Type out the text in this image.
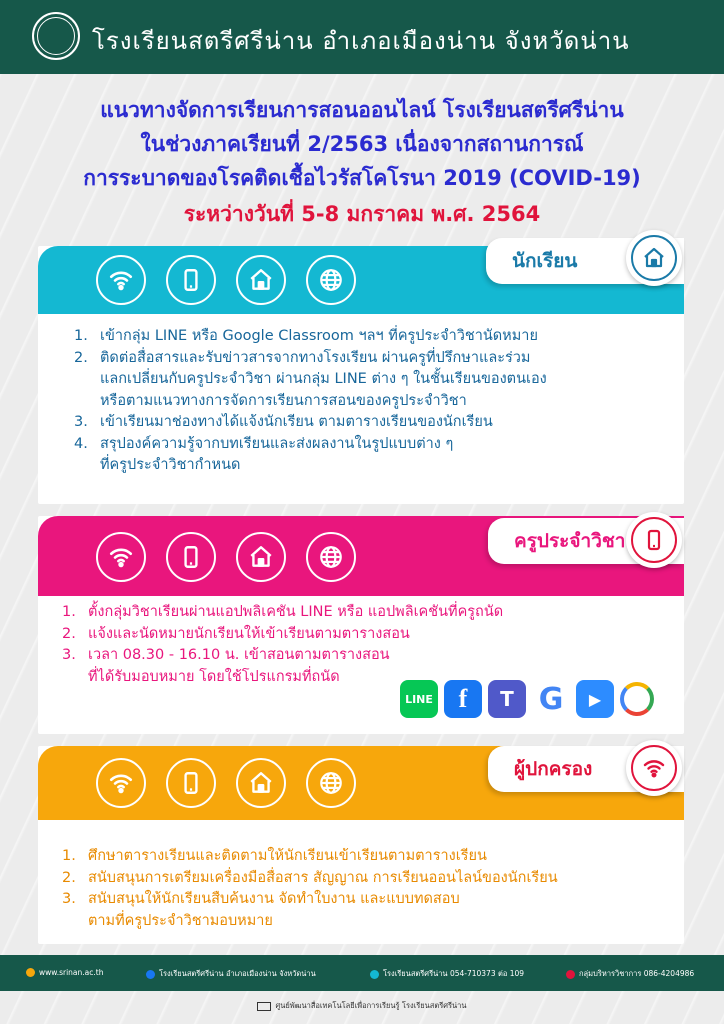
โรงเรียนสตรีศรีน่าน อำเภอเมืองน่าน จังหวัดน่าน
แนวทางจัดการเรียนการสอนออนไลน์ โรงเรียนสตรีศรีน่าน
ในช่วงภาคเรียนที่ 2/2563 เนื่องจากสถานการณ์
การระบาดของโรคติดเชื้อไวรัสโคโรนา 2019 (COVID-19)
ระหว่างวันที่ 5-8 มกราคม พ.ศ. 2564
นักเรียน
1. เข้ากลุ่ม LINE หรือ Google Classroom ฯลฯ ที่ครูประจำวิชานัดหมาย
2. ติดต่อสื่อสารและรับข่าวสารจากทางโรงเรียน ผ่านครูที่ปรึกษาและร่วม
แลกเปลี่ยนกับครูประจำวิชา ผ่านกลุ่ม LINE ต่าง ๆ ในชั้นเรียนของตนเอง
หรือตามแนวทางการจัดการเรียนการสอนของครูประจำวิชา
3. เข้าเรียนมาช่องทางได้แจ้งนักเรียน ตามตารางเรียนของนักเรียน
4. สรุปองค์ความรู้จากบทเรียนและส่งผลงานในรูปแบบต่าง ๆ
ที่ครูประจำวิชากำหนด
ครูประจำวิชา
1. ตั้งกลุ่มวิชาเรียนผ่านแอปพลิเคชัน LINE หรือ แอปพลิเคชันที่ครูถนัด
2. แจ้งและนัดหมายนักเรียนให้เข้าเรียนตามตารางสอน
3. เวลา 08.30 - 16.10 น. เข้าสอนตามตารางสอน
ที่ได้รับมอบหมาย โดยใช้โปรแกรมที่ถนัด
LINE f T G ▶
ผู้ปกครอง
1. ศึกษาตารางเรียนและติดตามให้นักเรียนเข้าเรียนตามตารางเรียน
2. สนับสนุนการเตรียมเครื่องมือสื่อสาร สัญญาณ การเรียนออนไลน์ของนักเรียน
3. สนับสนุนให้นักเรียนสืบค้นงาน จัดทำใบงาน และแบบทดสอบ
ตามที่ครูประจำวิชามอบหมาย
www.srinan.ac.th	โรงเรียนสตรีศรีน่าน อำเภอเมืองน่าน จังหวัดน่าน	โรงเรียนสตรีศรีน่าน 054-710373 ต่อ 109	กลุ่มบริหารวิชาการ 086-4204986
ศูนย์พัฒนาสื่อเทคโนโลยีเพื่อการเรียนรู้ โรงเรียนสตรีศรีน่าน
